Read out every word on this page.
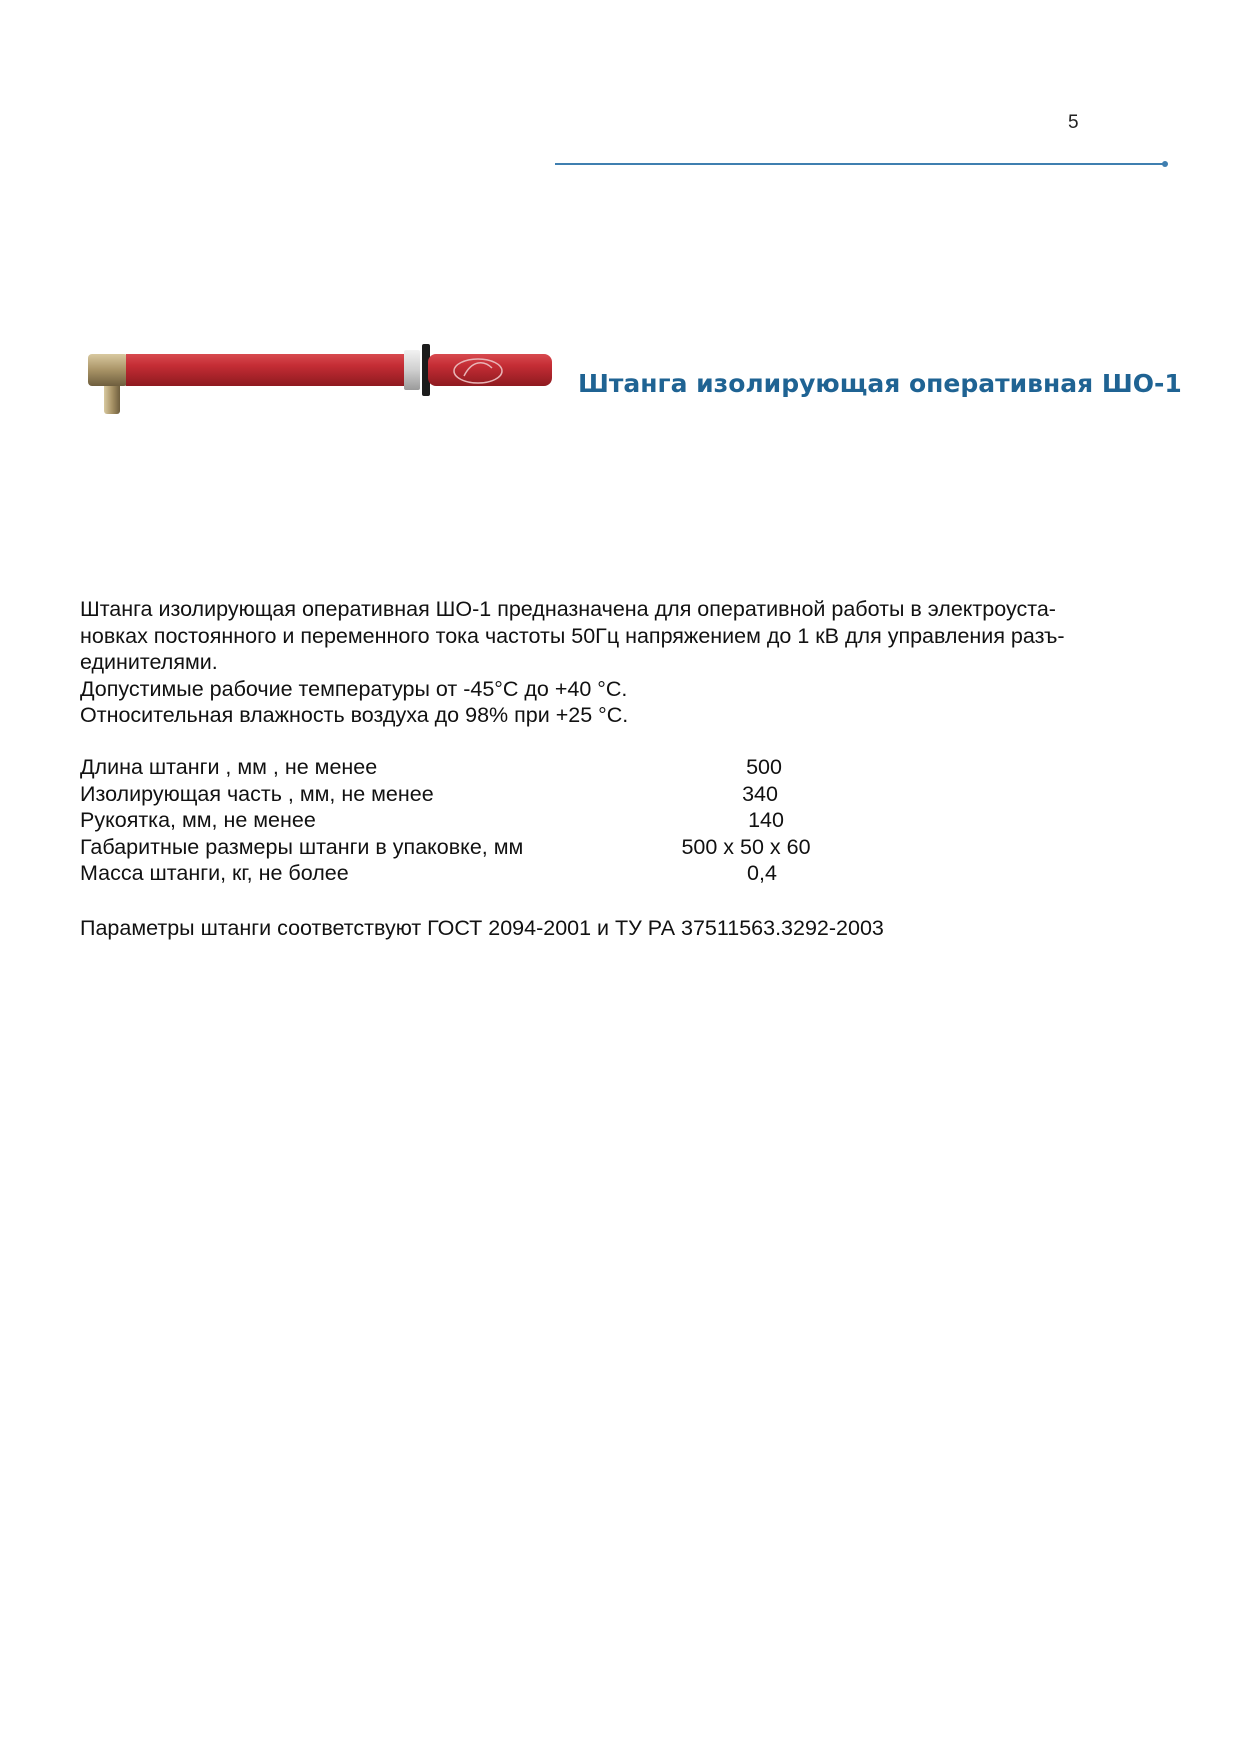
5
Штанга изолирующая оперативная ШО-1

Штанга изолирующая оперативная ШО-1 предназначена для оперативной работы в электроуста-

новках постоянного и переменного тока частоты 50Гц напряжением до 1 кВ для управления разъ-

единителями.

Допустимые рабочие температуры от -45°С до +40 °С.

Относительная влажность воздуха до 98% при +25 °С.

Длина штанги , мм , не менее	500
Изолирующая часть , мм, не менее	340
Рукоятка, мм, не менее	140
Габаритные размеры штанги в упаковке, мм	500 х 50 х 60
Масса штанги, кг, не более	0,4
Параметры штанги соответствуют ГОСТ 2094-2001 и ТУ РА 37511563.3292-2003
